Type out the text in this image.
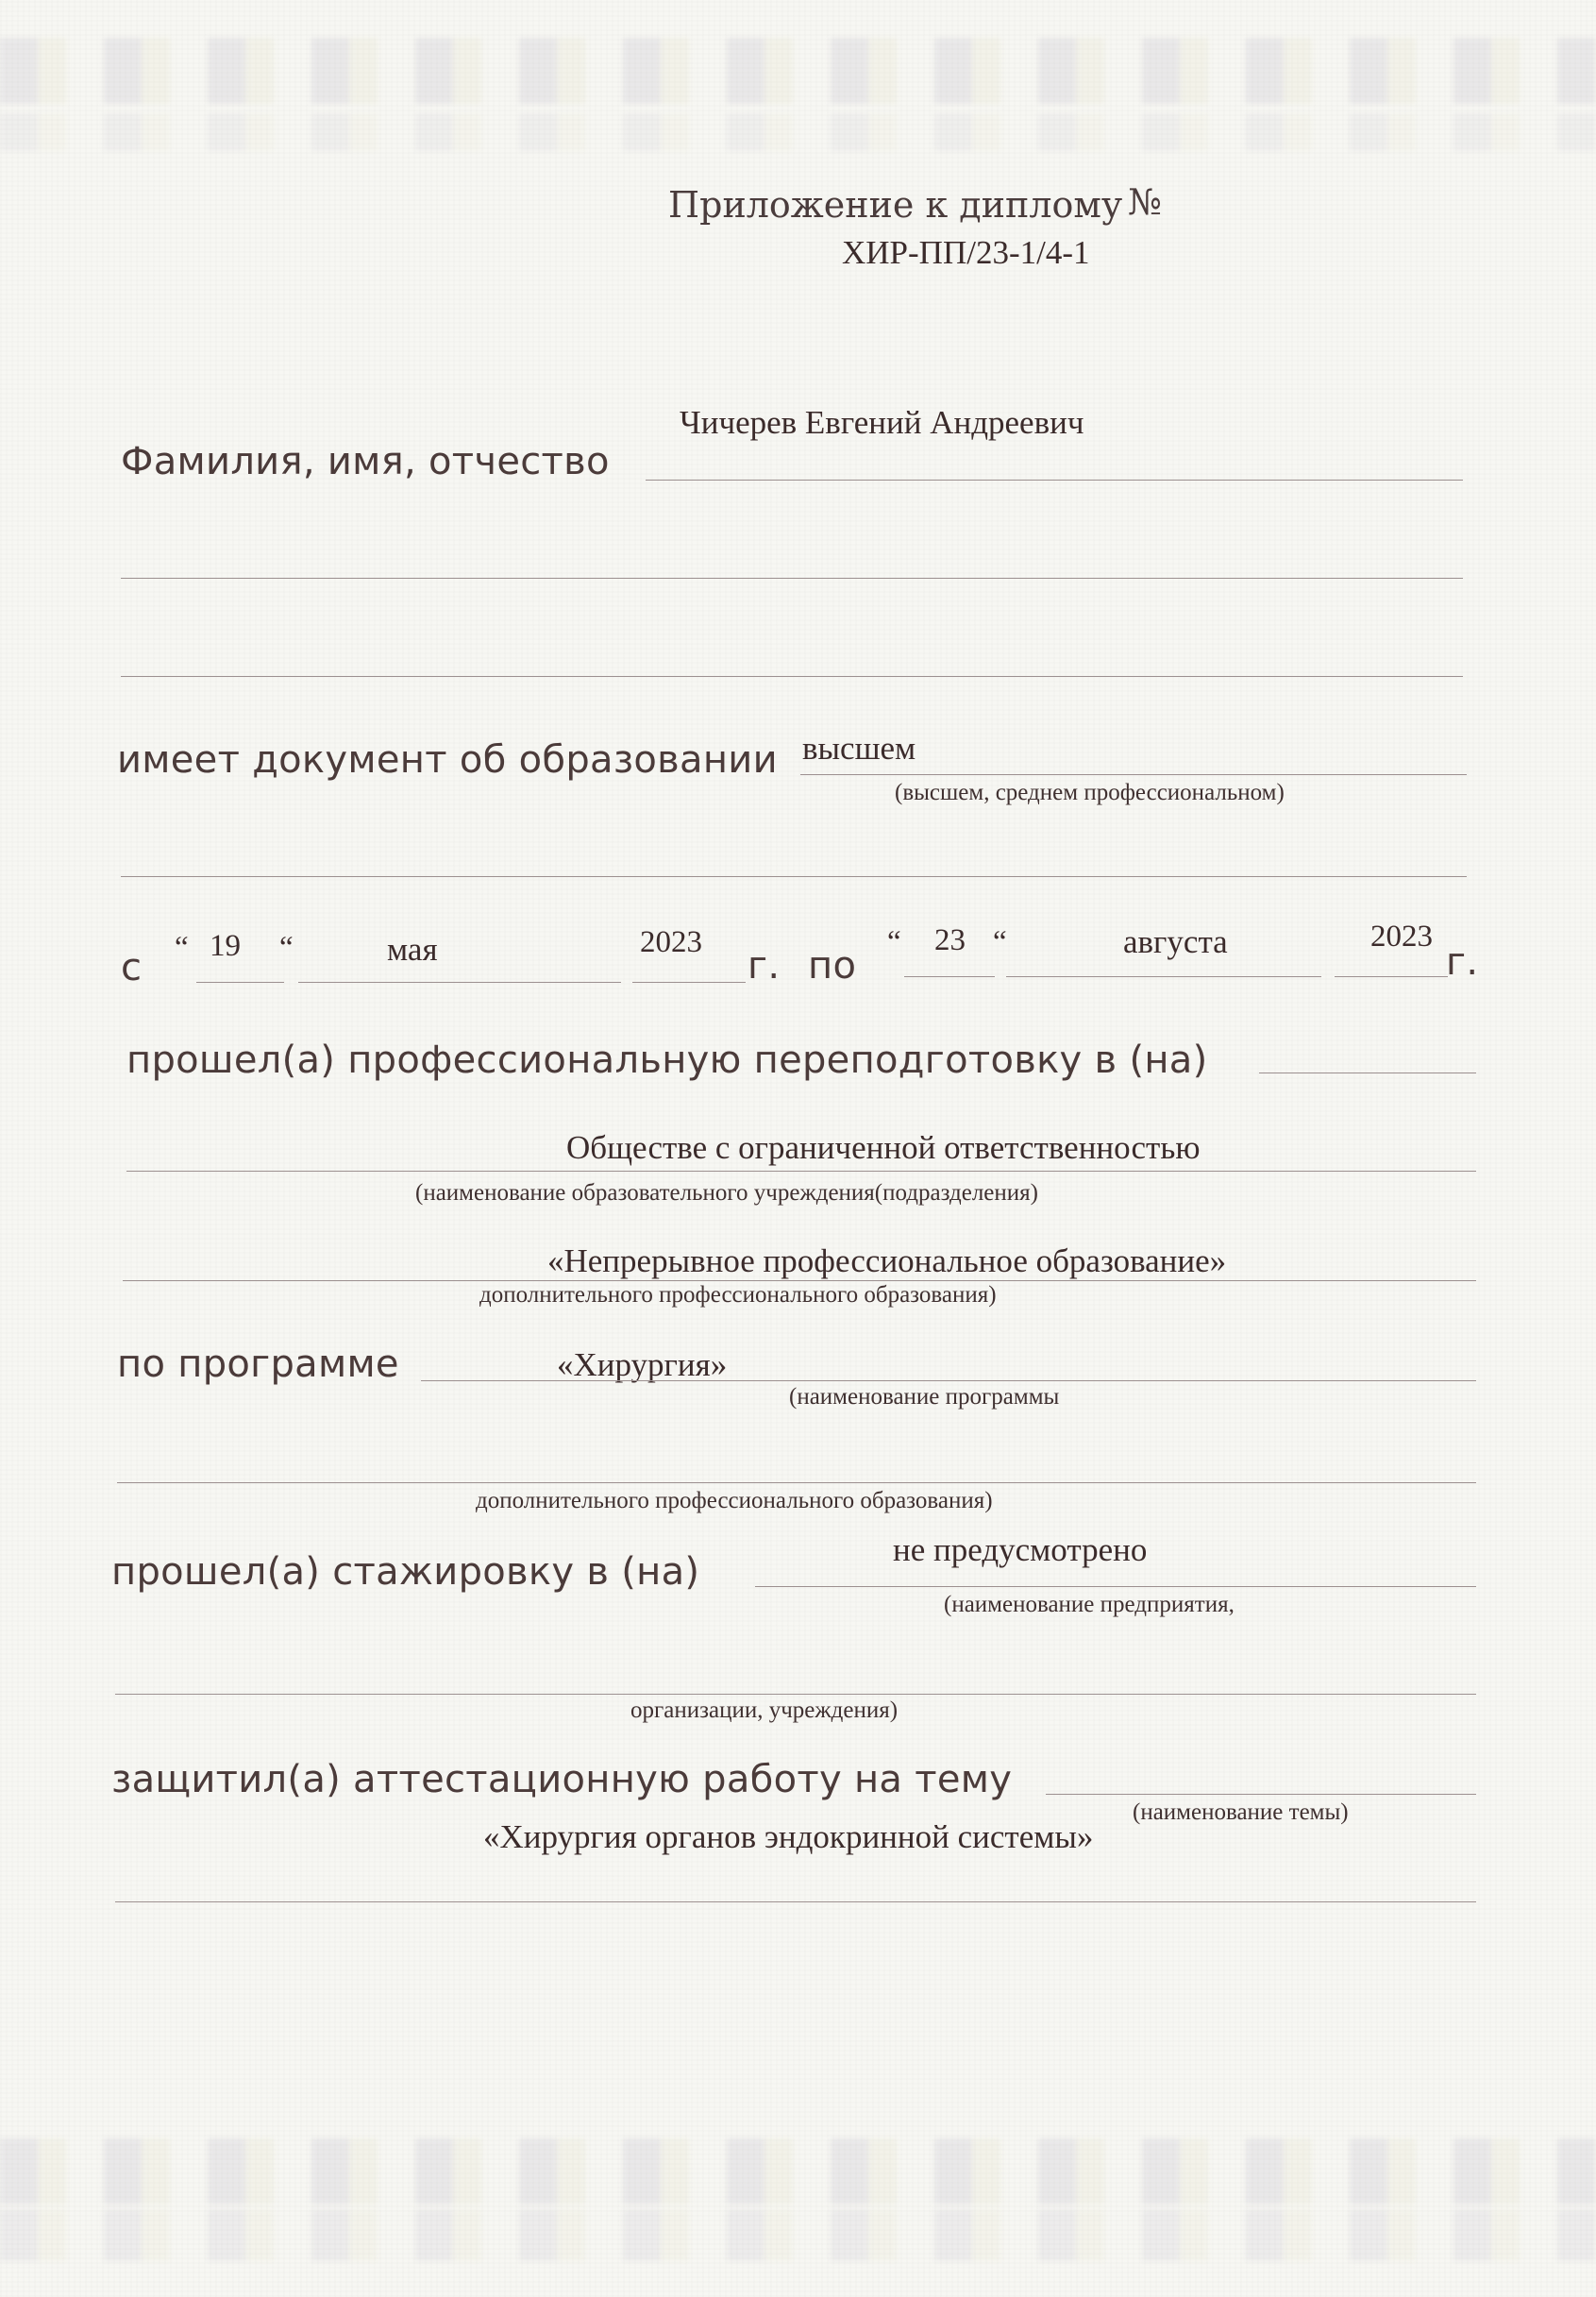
Приложение к диплому №
ХИР-ПП/23-1/4-1
Чичерев Евгений Андреевич
Фамилия, имя, отчество
имеет документ об образовании высшем
(высшем, среднем профессиональном)
с “ 19 “	мая	2023
г. по
“ 23 “	августа	2023
г.
прошел(а) профессиональную переподготовку в (на)
Обществе с ограниченной ответственностью
(наименование образовательного учреждения(подразделения)
«Непрерывное профессиональное образование»
дополнительного профессионального образования)
по программе	«Хирургия»
(наименование программы
дополнительного профессионального образования)
прошел(а) стажировку в (на)
не предусмотрено
(наименование предприятия,
организации, учреждения)
защитил(а) аттестационную работу на тему
(наименование темы)
«Хирургия органов эндокринной системы»
